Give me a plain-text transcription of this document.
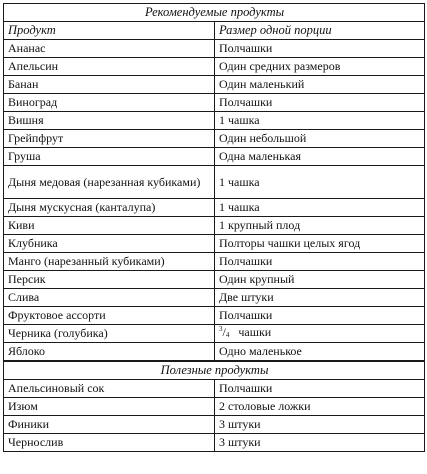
Рекомендуемые продукты	
Продукт	Размер одной порции
Ананас	Полчашки
Апельсин	Один средних размеров
Банан	Один маленький
Виноград	Полчашки
Вишня	1 чашка
Грейпфрут	Один небольшой
Груша	Одна маленькая
Дыня медовая (нарезанная кубиками)	1 чашка
Дыня мускусная (канталупа)	1 чашка
Киви	1 крупный плод
Клубника	Полторы чашки целых ягод
Манго (нарезанный кубиками)	Полчашки
Персик	Один крупный
Слива	Две штуки
Фруктовое ассорти	Полчашки
Черника (голубика)	$^3$/4 чашки
Яблоко	Одно маленькое
Полезные продукты	
Апельсиновый сок	Полчашки
Изюм	2 столовые ложки
Финики	3 штуки
Чернослив	3 штуки
